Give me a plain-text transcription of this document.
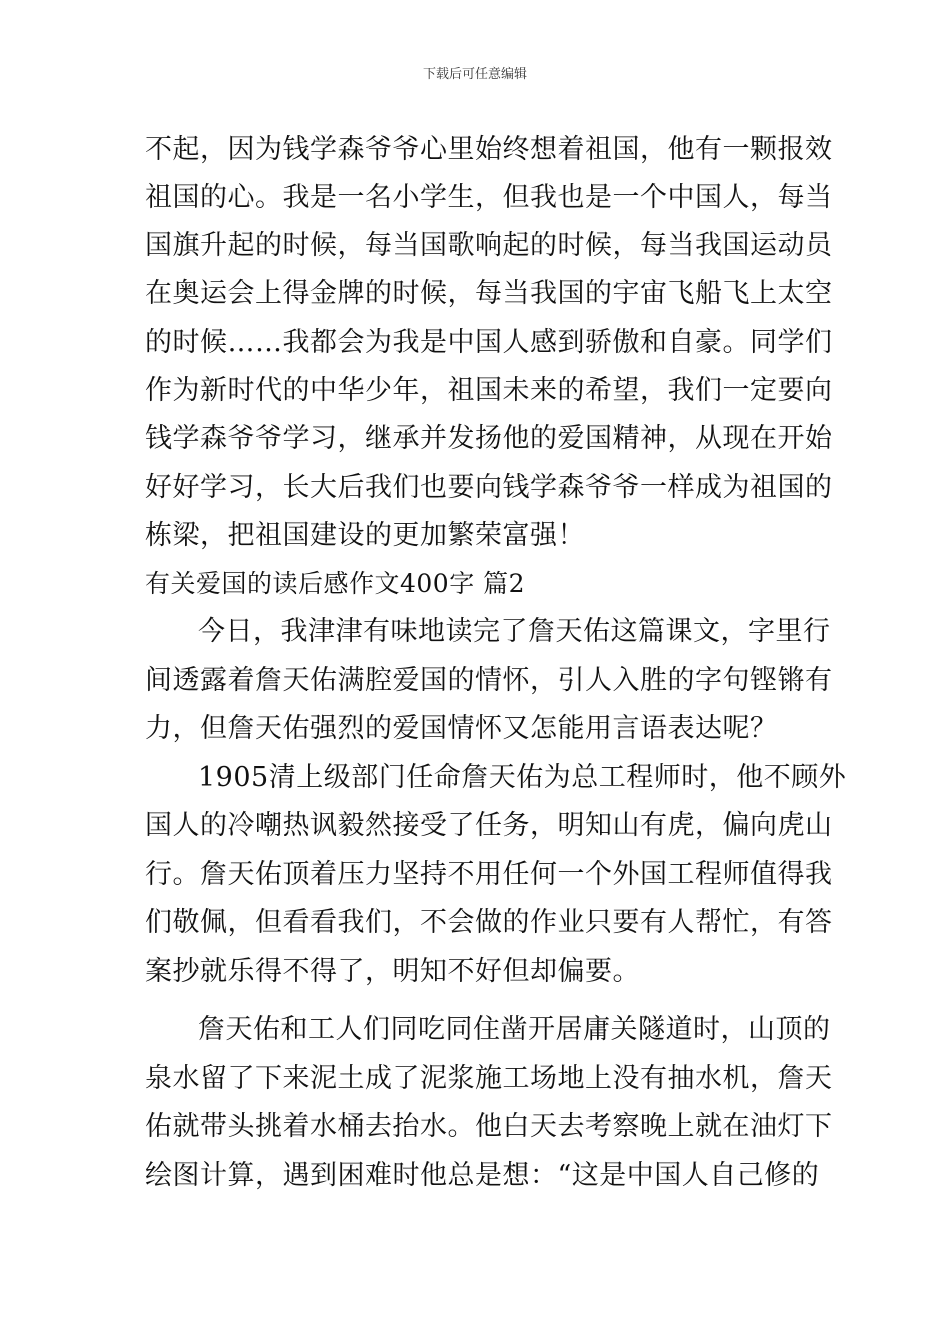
下载后可任意编辑
不起，因为钱学森爷爷心里始终想着祖国，他有一颗报效
祖国的心。我是一名小学生，但我也是一个中国人，每当
国旗升起的时候，每当国歌响起的时候，每当我国运动员
在奥运会上得金牌的时候，每当我国的宇宙飞船飞上太空
的时候……我都会为我是中国人感到骄傲和自豪。同学们
作为新时代的中华少年，祖国未来的希望，我们一定要向
钱学森爷爷学习，继承并发扬他的爱国精神，从现在开始
好好学习，长大后我们也要向钱学森爷爷一样成为祖国的
栋梁，把祖国建设的更加繁荣富强！
有关爱国的读后感作文400字 篇2
今日，我津津有味地读完了詹天佑这篇课文，字里行
间透露着詹天佑满腔爱国的情怀，引人入胜的字句铿锵有
力，但詹天佑强烈的爱国情怀又怎能用言语表达呢？
1905清上级部门任命詹天佑为总工程师时，他不顾外
国人的冷嘲热讽毅然接受了任务，明知山有虎，偏向虎山
行。詹天佑顶着压力坚持不用任何一个外国工程师值得我
们敬佩，但看看我们，不会做的作业只要有人帮忙，有答
案抄就乐得不得了，明知不好但却偏要。
詹天佑和工人们同吃同住凿开居庸关隧道时，山顶的
泉水留了下来泥土成了泥浆施工场地上没有抽水机，詹天
佑就带头挑着水桶去抬水。他白天去考察晚上就在油灯下
绘图计算，遇到困难时他总是想：“这是中国人自己修的
